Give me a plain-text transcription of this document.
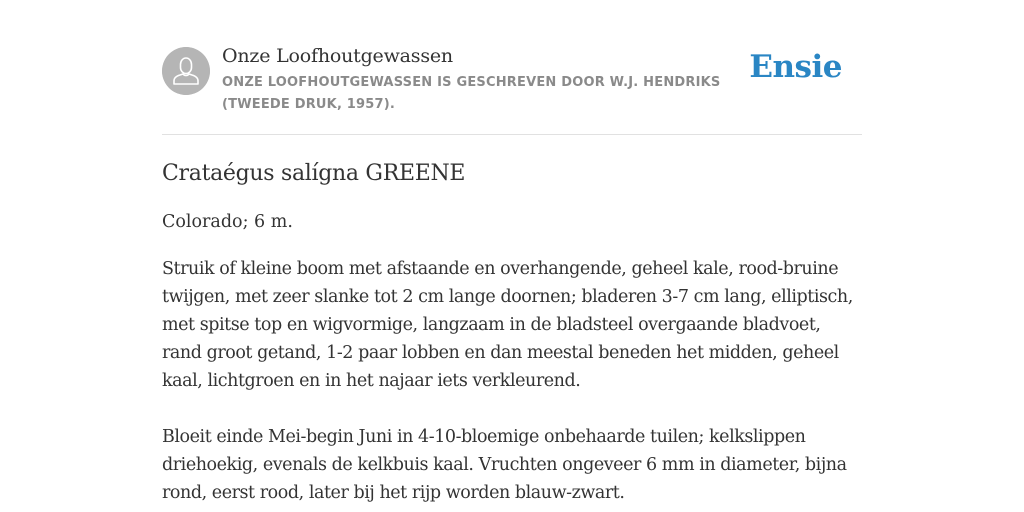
Onze Loofhoutgewassen
ONZE LOOFHOUTGEWASSEN IS GESCHREVEN DOOR W.J. HENDRIKS (TWEEDE DRUK, 1957).
Ensie
Crataégus salígna GREENE

Colorado; 6 m.

Struik of kleine boom met afstaande en overhangende, geheel kale, rood-bruine twijgen, met zeer slanke tot 2 cm lange doornen; bladeren 3-7 cm lang, elliptisch, met spitse top en wigvormige, langzaam in de bladsteel overgaande bladvoet, rand groot getand, 1-2 paar lobben en dan meestal beneden het midden, geheel kaal, lichtgroen en in het najaar iets verkleurend.

Bloeit einde Mei-begin Juni in 4-10-bloemige onbehaarde tuilen; kelkslippen driehoekig, evenals de kelkbuis kaal. Vruchten ongeveer 6 mm in diameter, bijna rond, eerst rood, later bij het rijp worden blauw-zwart.
